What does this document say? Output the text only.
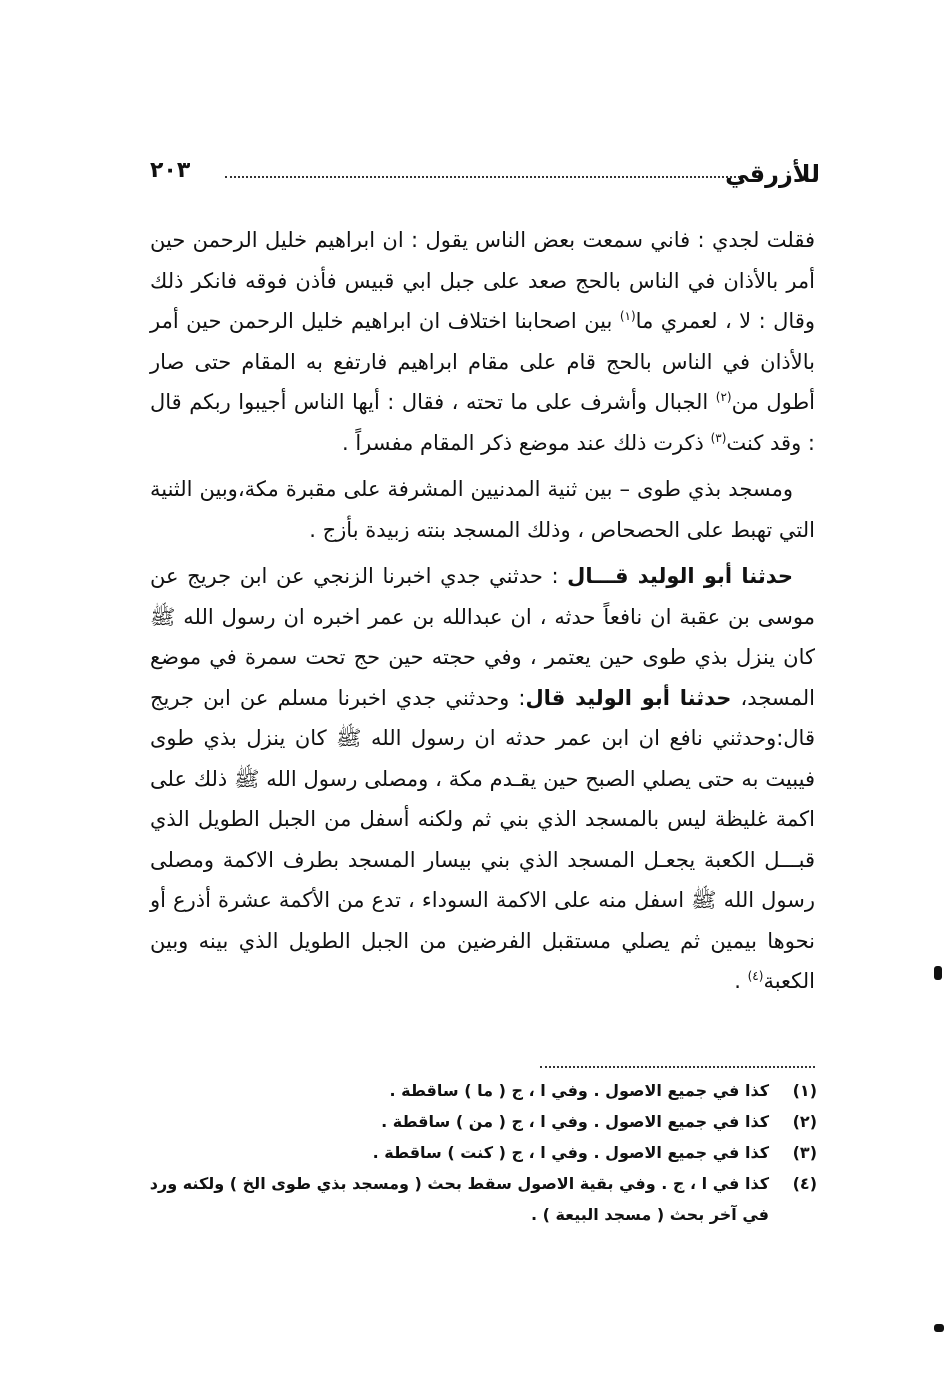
للأزرقي
٢٠٣

فقلت لجدي : فاني سمعت بعض الناس يقول : ان ابراهيم خليل الرحمن حين أمر بالأذان في الناس بالحج صعد على جبل ابي قبيس فأذن فوقه فانكر ذلك وقال : لا ، لعمري ما$^{(١)}$ بين اصحابنا اختلاف ان ابراهيم خليل الرحمن حين أمر بالأذان في الناس بالحج قام على مقام ابراهيم فارتفع به المقام حتى صار أطول من$^{(٢)}$ الجبال وأشرف على ما تحته ، فقال : أيها الناس أجيبوا ربكم قال : وقد كنت$^{(٣)}$ ذكرت ذلك عند موضع ذكر المقام مفسراً .

ومسجد بذي طوى – بين ثنية المدنيين المشرفة على مقبرة مكة،وبين الثنية التي تهبط على الحصحاص ، وذلك المسجد بنته زبيدة بأزج .

حدثنا أبو الوليد قـــال : حدثني جدي اخبرنا الزنجي عن ابن جريج عن موسى بن عقبة ان نافعاً حدثه ، ان عبدالله بن عمر اخبره ان رسول الله ﷺ كان ينزل بذي طوى حين يعتمر ، وفي حجته حين حج تحت سمرة في موضع المسجد، حدثنا أبو الوليد قال: وحدثني جدي اخبرنا مسلم عن ابن جريج قال:وحدثني نافع ان ابن عمر حدثه ان رسول الله ﷺ كان ينزل بذي طوى فيبيت به حتى يصلي الصبح حين يقـدم مكة ، ومصلى رسول الله ﷺ ذلك على اكمة غليظة ليس بالمسجد الذي بني ثم ولكنه أسفل من الجبل الطويل الذي قبـــل الكعبة يجعـل المسجد الذي بني بيسار المسجد بطرف الاكمة ومصلى رسول الله ﷺ اسفل منه على الاكمة السوداء ، تدع من الأكمة عشرة أذرع أو نحوها بيمين ثم يصلي مستقبل الفرضين من الجبل الطويل الذي بينه وبين الكعبة$^{(٤)}$ .

(١)
كذا في جميع الاصول . وفي ا ، ج ( ما ) ساقطة .
(٢)
كذا في جميع الاصول . وفي ا ، ج ( من ) ساقطة .
(٣)
كذا في جميع الاصول . وفي ا ، ج ( كنت ) ساقطة .
(٤)
كذا في ا ، ج . وفي بقية الاصول سقط بحث ( ومسجد بذي طوى الخ ) ولكنه ورد في آخر بحث ( مسجد البيعة ) .
